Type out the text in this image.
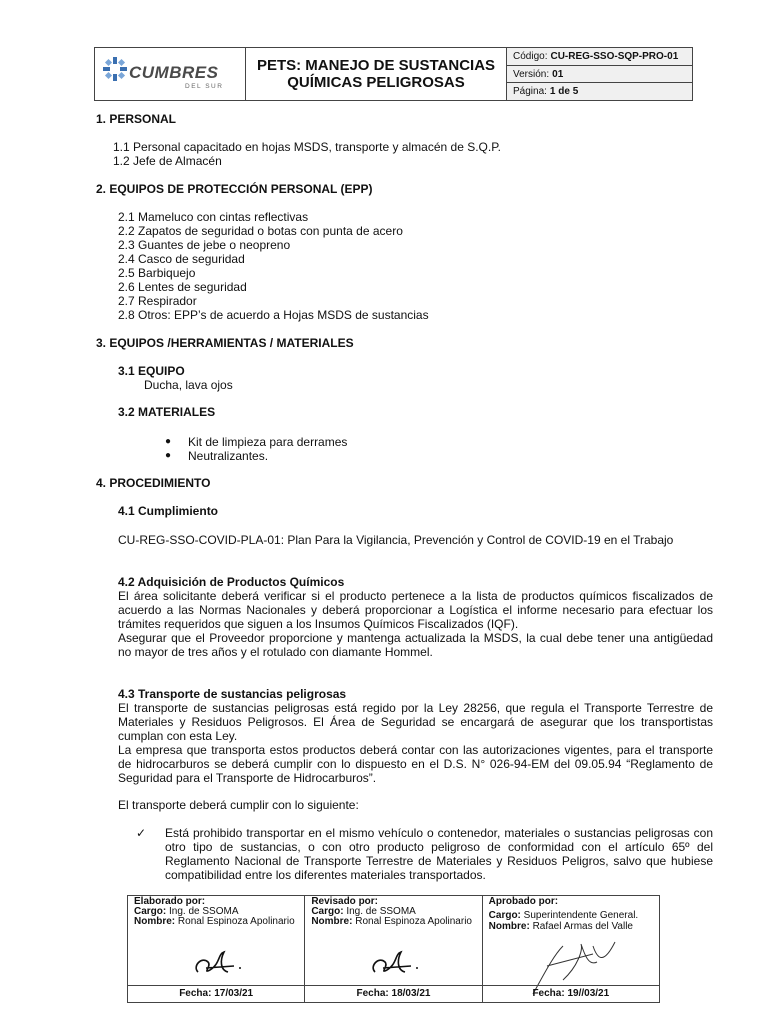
CUMBRES
DEL SUR
PETS: MANEJO DE SUSTANCIAS
QUÍMICAS PELIGROSAS
Código: CU-REG-SSO-SQP-PRO-01
Versión: 01
Página: 1 de 5
1. PERSONAL
1.1 Personal capacitado en hojas MSDS, transporte y almacén de S.Q.P.
1.2 Jefe de Almacén
2. EQUIPOS DE PROTECCIÓN PERSONAL (EPP)
2.1 Mameluco con cintas reflectivas
2.2 Zapatos de seguridad o botas con punta de acero
2.3 Guantes de jebe o neopreno
2.4 Casco de seguridad
2.5 Barbiquejo
2.6 Lentes de seguridad
2.7 Respirador
2.8 Otros: EPP’s de acuerdo a Hojas MSDS de sustancias
3. EQUIPOS /HERRAMIENTAS / MATERIALES
3.1 EQUIPO
Ducha, lava ojos
3.2 MATERIALES
● Kit de limpieza para derrames
● Neutralizantes.
4. PROCEDIMIENTO
4.1 Cumplimiento

CU-REG-SSO-COVID-PLA-01: Plan Para la Vigilancia, Prevención y Control de COVID-19 en el Trabajo

4.2 Adquisición de Productos Químicos

El área solicitante deberá verificar si el producto pertenece a la lista de productos químicos fiscalizados de acuerdo a las Normas Nacionales y deberá proporcionar a Logística el informe necesario para efectuar los trámites requeridos que siguen a los Insumos Químicos Fiscalizados (IQF).

Asegurar que el Proveedor proporcione y mantenga actualizada la MSDS, la cual debe tener una antigüedad no mayor de tres años y el rotulado con diamante Hommel.

4.3 Transporte de sustancias peligrosas

El transporte de sustancias peligrosas está regido por la Ley 28256, que regula el Transporte Terrestre de Materiales y Residuos Peligrosos. El Área de Seguridad se encargará de asegurar que los transportistas cumplan con esta Ley.

La empresa que transporta estos productos deberá contar con las autorizaciones vigentes, para el transporte de hidrocarburos se deberá cumplir con lo dispuesto en el D.S. N° 026-94-EM del 09.05.94 “Reglamento de Seguridad para el Transporte de Hidrocarburos”.

El transporte deberá cumplir con lo siguiente:
✓ Está prohibido transportar en el mismo vehículo o contenedor, materiales o sustancias peligrosas con otro tipo de sustancias, o con otro producto peligroso de conformidad con el artículo 65º del Reglamento Nacional de Transporte Terrestre de Materiales y Residuos Peligros, salvo que hubiese compatibilidad entre los diferentes materiales transportados.

Elaborado por:
Cargo: Ing. de SSOMA
Nombre: Ronal Espinoza Apolinario
Fecha: 17/03/21
Revisado por:
Cargo: Ing. de SSOMA
Nombre: Ronal Espinoza Apolinario
Fecha: 18/03/21
Aprobado por:
Cargo: Superintendente General.
Nombre: Rafael Armas del Valle
Fecha: 19//03/21
